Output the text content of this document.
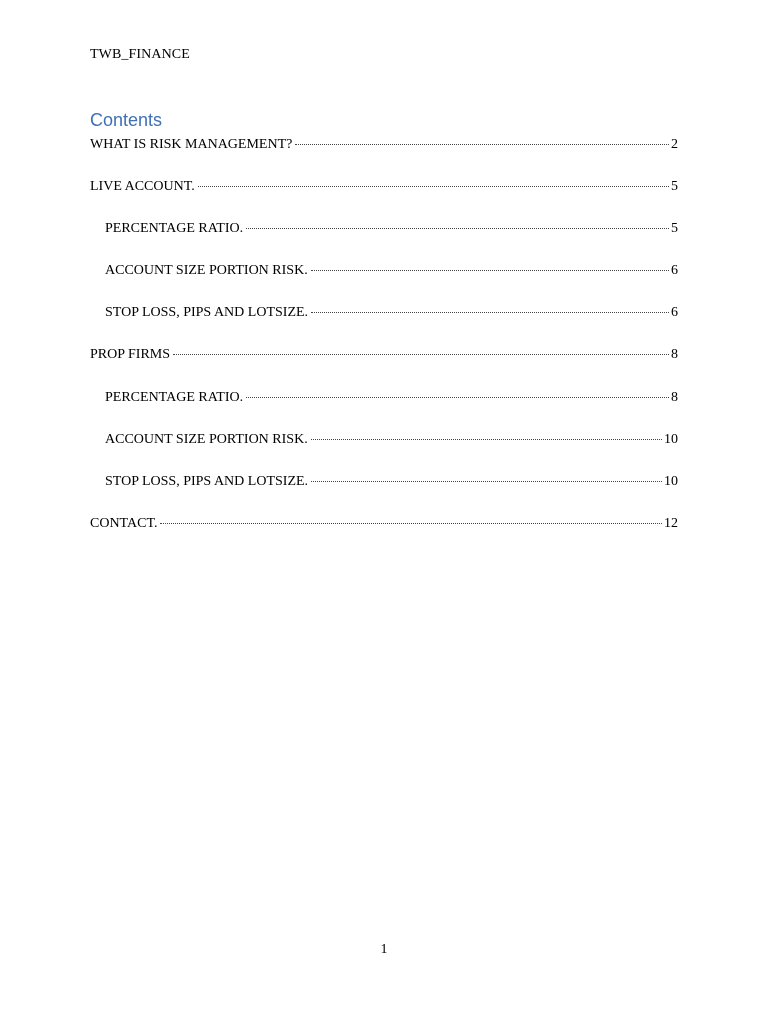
TWB_FINANCE
Contents
WHAT IS RISK MANAGEMENT?	2
LIVE ACCOUNT.	5
PERCENTAGE RATIO.	5
ACCOUNT SIZE PORTION RISK.	6
STOP LOSS, PIPS AND LOTSIZE.	6
PROP FIRMS	8
PERCENTAGE RATIO.	8
ACCOUNT SIZE PORTION RISK.	10
STOP LOSS, PIPS AND LOTSIZE.	10
CONTACT.	12
1
